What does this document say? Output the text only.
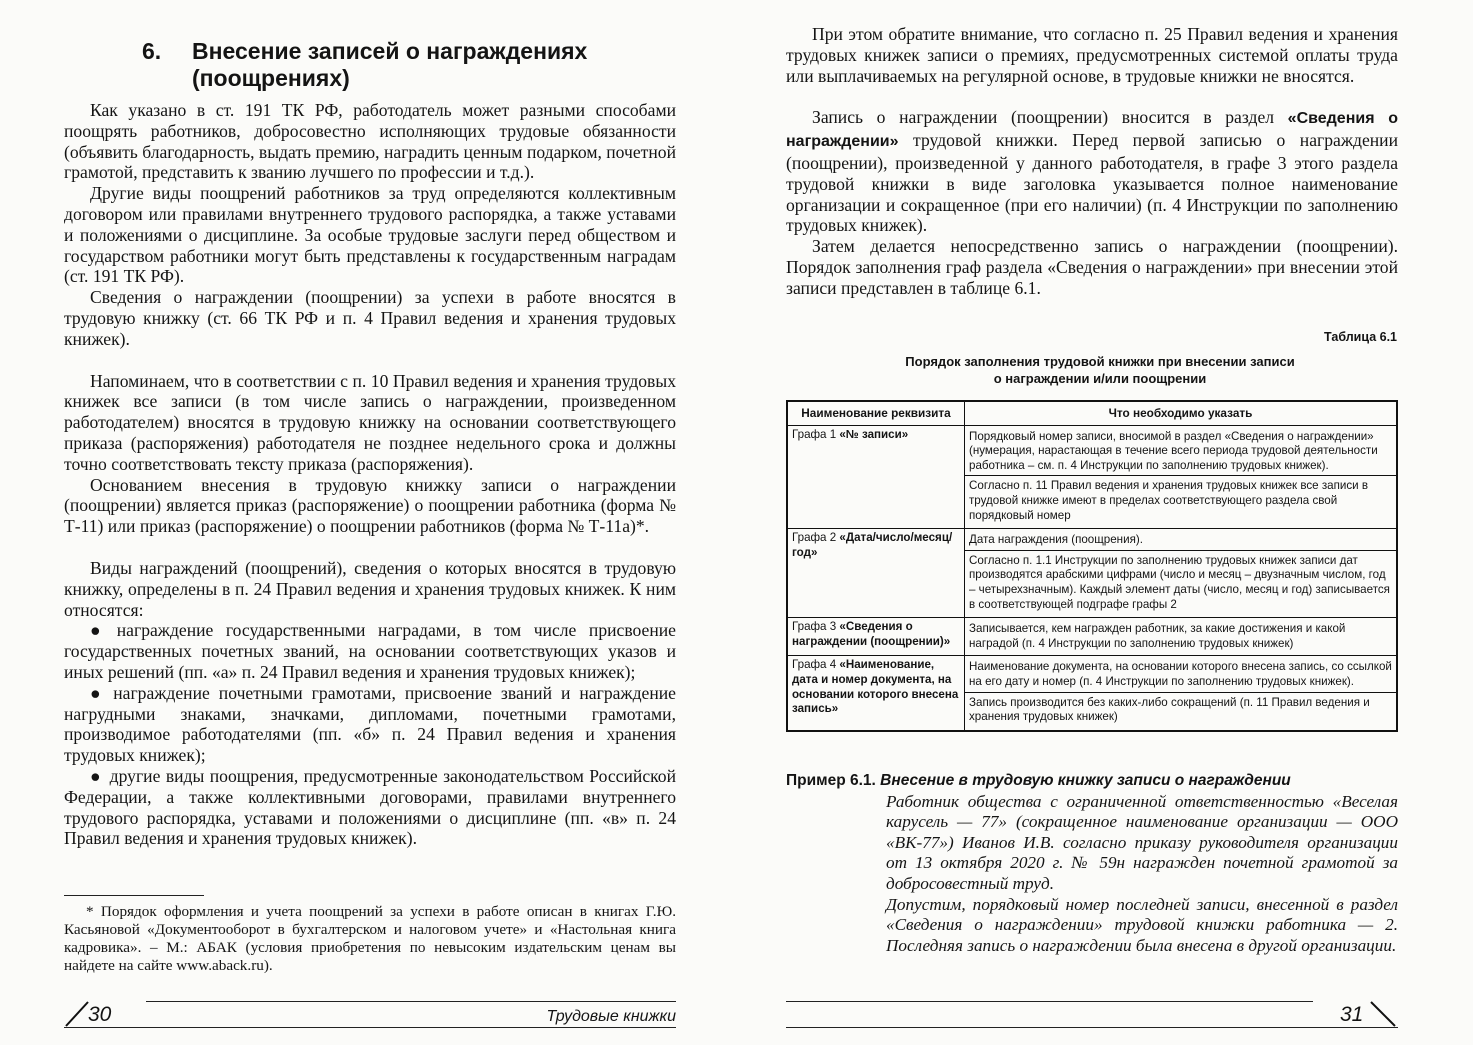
6. Внесение записей о награждениях (поощрениях)

Как указано в ст. 191 ТК РФ, работодатель может разными способами поощрять работников, добросовестно исполняющих трудовые обязанности (объявить благодарность, выдать премию, наградить ценным подарком, почетной грамотой, представить к званию лучшего по профессии и т.д.).

Другие виды поощрений работников за труд определяются коллективным договором или правилами внутреннего трудового распорядка, а также уставами и положениями о дисциплине. За особые трудовые заслуги перед обществом и государством работники могут быть представлены к государственным наградам (ст. 191 ТК РФ).

Сведения о награждении (поощрении) за успехи в работе вносятся в трудовую книжку (ст. 66 ТК РФ и п. 4 Правил ведения и хранения трудовых книжек).

Напоминаем, что в соответствии с п. 10 Правил ведения и хранения трудовых книжек все записи (в том числе запись о награждении, произведенном работодателем) вносятся в трудовую книжку на основании соответствующего приказа (распоряжения) работодателя не позднее недельного срока и должны точно соответствовать тексту приказа (распоряжения).

Основанием внесения в трудовую книжку записи о награждении (поощрении) является приказ (распоряжение) о поощрении работника (форма № Т-11) или приказ (распоряжение) о поощрении работников (форма № Т-11а)*.

Виды награждений (поощрений), сведения о которых вносятся в трудовую книжку, определены в п. 24 Правил ведения и хранения трудовых книжек. К ним относятся:

● награждение государственными наградами, в том числе присвоение государственных почетных званий, на основании соответствующих указов и иных решений (пп. «а» п. 24 Правил ведения и хранения трудовых книжек);

● награждение почетными грамотами, присвоение званий и награждение нагрудными знаками, значками, дипломами, почетными грамотами, производимое работодателями (пп. «б» п. 24 Правил ведения и хранения трудовых книжек);

● другие виды поощрения, предусмотренные законодательством Российской Федерации, а также коллективными договорами, правилами внутреннего трудового распорядка, уставами и положениями о дисциплине (пп. «в» п. 24 Правил ведения и хранения трудовых книжек).

* Порядок оформления и учета поощрений за успехи в работе описан в книгах Г.Ю. Касьяновой «Документооборот в бухгалтерском и налоговом учете» и «Настольная книга кадровика». – М.: АБАК (условия приобретения по невысоким издательским ценам вы найдете на сайте www.aback.ru).

30	Трудовые книжки

При этом обратите внимание, что согласно п. 25 Правил ведения и хранения трудовых книжек записи о премиях, предусмотренных системой оплаты труда или выплачиваемых на регулярной основе, в трудовые книжки не вносятся.

Запись о награждении (поощрении) вносится в раздел «Сведения о награждении» трудовой книжки. Перед первой записью о награждении (поощрении), произведенной у данного работодателя, в графе 3 этого раздела трудовой книжки в виде заголовка указывается полное наименование организации и сокращенное (при его наличии) (п. 4 Инструкции по заполнению трудовых книжек).

Затем делается непосредственно запись о награждении (поощрении). Порядок заполнения граф раздела «Сведения о награждении» при внесении этой записи представлен в таблице 6.1.

Таблица 6.1
Порядок заполнения трудовой книжки при внесении записи
о награждении и/или поощрении
Наименование реквизита	Что необходимо указать
Графа 1 «№ записи»	Порядковый номер записи, вносимой в раздел «Сведения о награждении» (нумерация, нарастающая в течение всего периода трудовой деятельности работника – см. п. 4 Инструкции по заполнению трудовых книжек).
Согласно п. 11 Правил ведения и хранения трудовых книжек все записи в трудовой книжке имеют в пределах соответствующего раздела свой порядковый номер

Графа 2 «Дата/число/месяц/год»	Дата награждения (поощрения).
Согласно п. 1.1 Инструкции по заполнению трудовых книжек записи дат производятся арабскими цифрами (число и месяц – двузначным числом, год – четырехзначным). Каждый элемент даты (число, месяц и год) записывается в соответствующей подграфе графы 2

Графа 3 «Сведения о награждении (поощрении)»	Записывается, кем награжден работник, за какие достижения и какой наградой (п. 4 Инструкции по заполнению трудовых книжек)

Графа 4 «Наименование, дата и номер документа, на основании которого внесена запись»	Наименование документа, на основании которого внесена запись, со ссылкой на его дату и номер (п. 4 Инструкции по заполнению трудовых книжек).
Запись производится без каких-либо сокращений (п. 11 Правил ведения и хранения трудовых книжек)
Пример 6.1. Внесение в трудовую книжку записи о награждении

Работник общества с ограниченной ответственностью «Веселая карусель — 77» (сокращенное наименование организации — ООО «ВК-77») Иванов И.В. согласно приказу руководителя организации от 13 октября 2020 г. № 59н награжден почетной грамотой за добросовестный труд.

Допустим, порядковый номер последней записи, внесенной в раздел «Сведения о награждении» трудовой книжки работника — 2. Последняя запись о награждении была внесена в другой организации.

31
